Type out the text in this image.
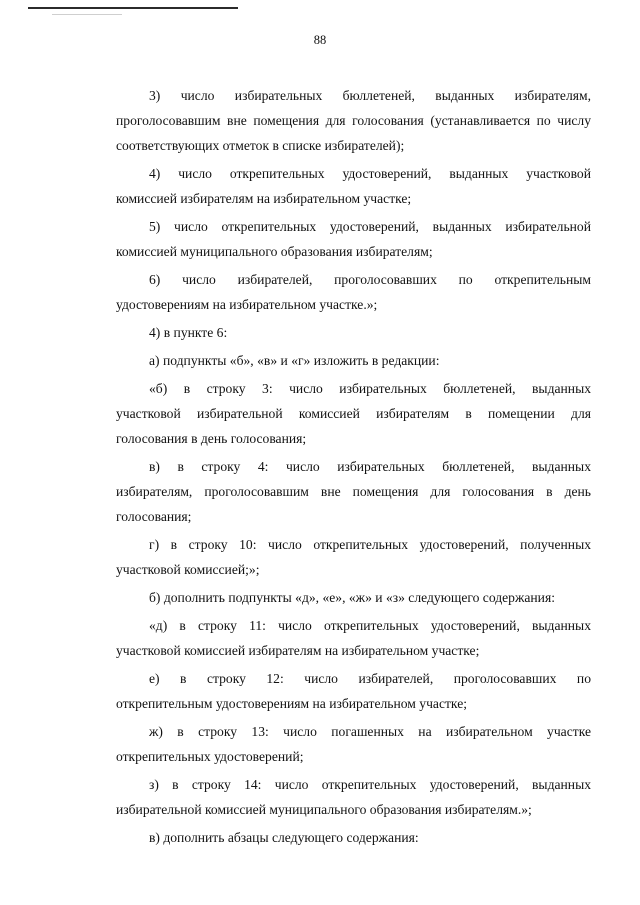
88
3) число избирательных бюллетеней, выданных избирателям,
проголосовавшим вне помещения для голосования (устанавливается по числу
соответствующих отметок в списке избирателей);
4) число открепительных удостоверений, выданных участковой
комиссией избирателям на избирательном участке;
5) число открепительных удостоверений, выданных избирательной
комиссией муниципального образования избирателям;
6) число избирателей, проголосовавших по открепительным
удостоверениям на избирательном участке.»;
4) в пункте 6:
а) подпункты «б», «в» и «г» изложить в редакции:
«б) в строку 3: число избирательных бюллетеней, выданных
участковой избирательной комиссией избирателям в помещении для
голосования в день голосования;
в) в строку 4: число избирательных бюллетеней, выданных
избирателям, проголосовавшим вне помещения для голосования в день
голосования;
г) в строку 10: число открепительных удостоверений, полученных
участковой комиссией;»;
б) дополнить подпункты «д», «е», «ж» и «з» следующего содержания:
«д) в строку 11: число открепительных удостоверений, выданных
участковой комиссией избирателям на избирательном участке;
е) в строку 12: число избирателей, проголосовавших по
открепительным удостоверениям на избирательном участке;
ж) в строку 13: число погашенных на избирательном участке
открепительных удостоверений;
з) в строку 14: число открепительных удостоверений, выданных
избирательной комиссией муниципального образования избирателям.»;
в) дополнить абзацы следующего содержания:
